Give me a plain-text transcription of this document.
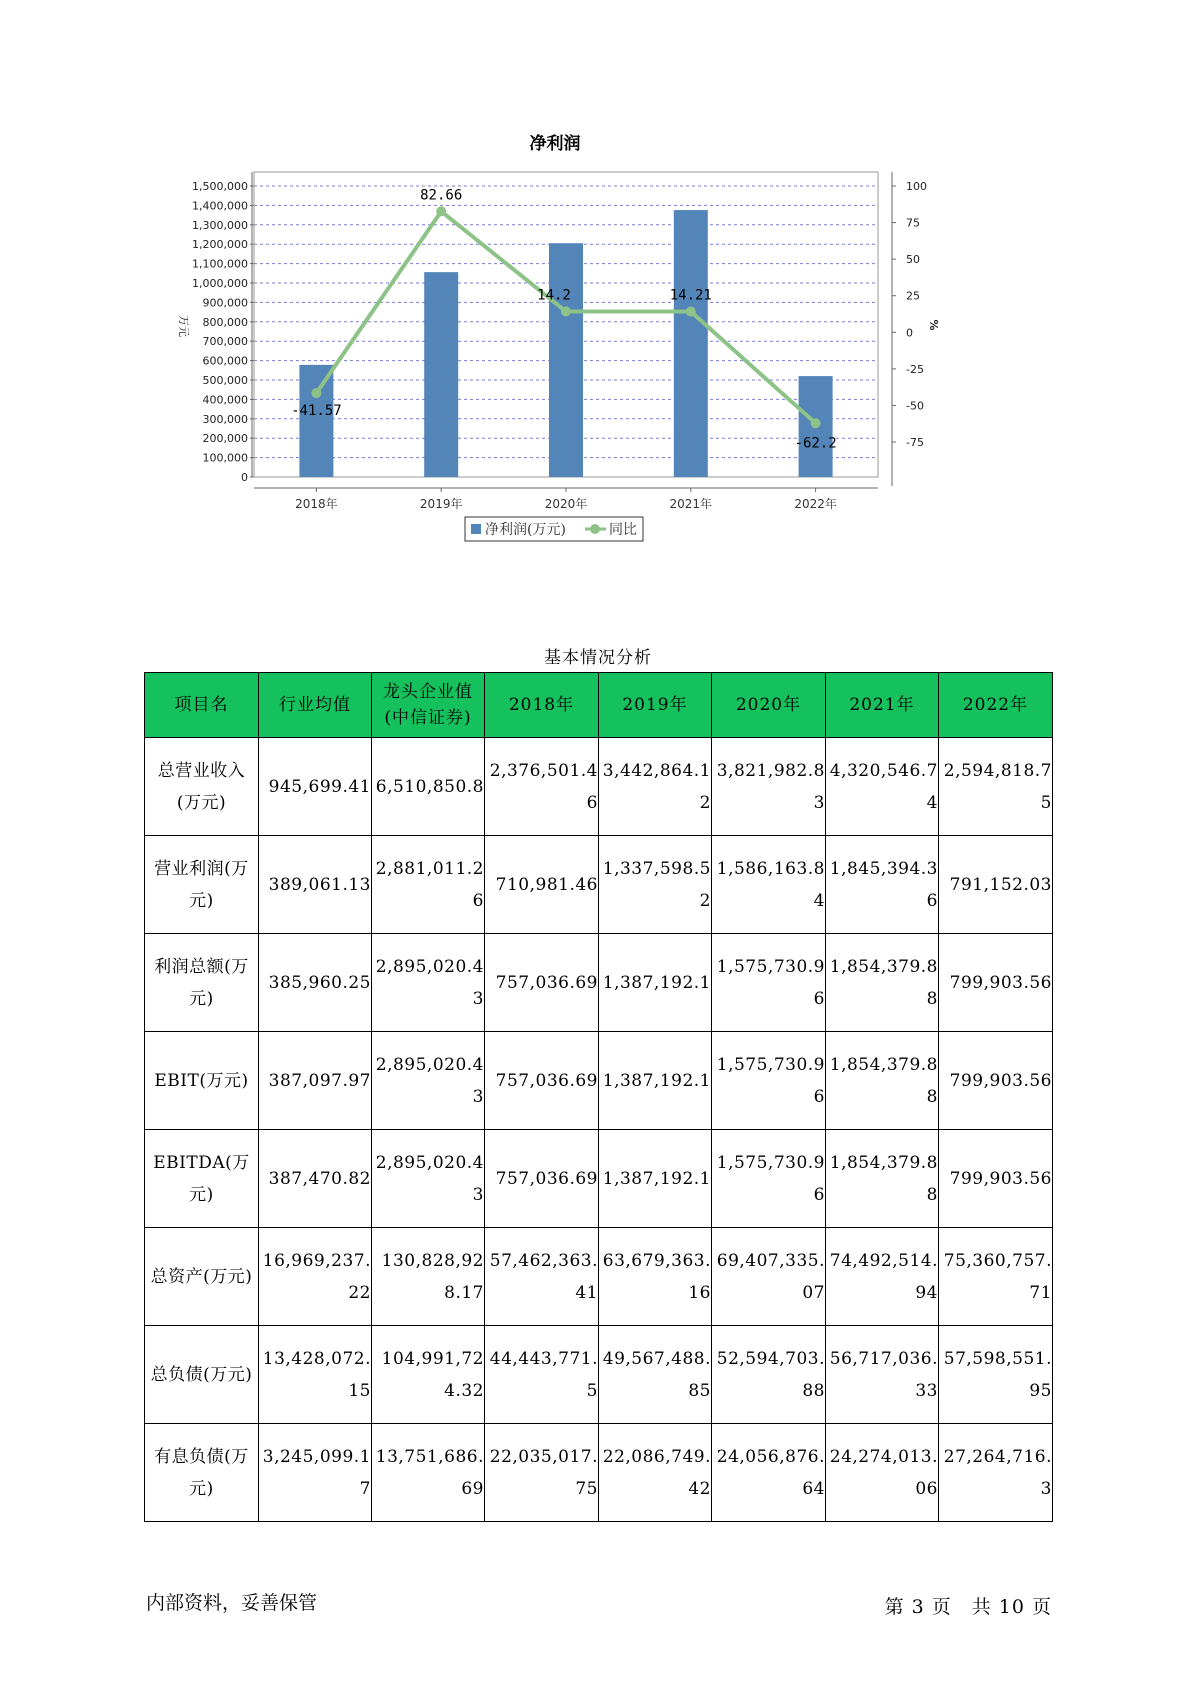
净利润
0
100,000
200,000
300,000
400,000
500,000
600,000
700,000
800,000
900,000
1,000,000
1,100,000
1,200,000
1,300,000
1,400,000
1,500,000
-75
-50
-25
0
25
50
75
100
万元	%
2018年	2019年	2020年	2021年	2022年
-41.57
82.66
14.2	14.21
-62.2
净利润(万元)	同比
基本情况分析
项目名	行业均值	龙头企业值(中信证券)	2018年	2019年	2020年	2021年	2022年
总营业收入(万元)	945,699.41	6,510,850.8	2,376,501.46	3,442,864.12	3,821,982.83	4,320,546.74	2,594,818.75
营业利润(万元)	389,061.13	2,881,011.26	710,981.46	1,337,598.52	1,586,163.84	1,845,394.36	791,152.03
利润总额(万元)	385,960.25	2,895,020.43	757,036.69	1,387,192.1	1,575,730.96	1,854,379.88	799,903.56
EBIT(万元)	387,097.97	2,895,020.43	757,036.69	1,387,192.1	1,575,730.96	1,854,379.88	799,903.56
EBITDA(万元)	387,470.82	2,895,020.43	757,036.69	1,387,192.1	1,575,730.96	1,854,379.88	799,903.56
总资产(万元)	16,969,237.22	130,828,928.17	57,462,363.41	63,679,363.16	69,407,335.07	74,492,514.94	75,360,757.71
总负债(万元)	13,428,072.15	104,991,724.32	44,443,771.5	49,567,488.85	52,594,703.88	56,717,036.33	57,598,551.95
有息负债(万元)	3,245,099.17	13,751,686.69	22,035,017.75	22,086,749.42	24,056,876.64	24,274,013.06	27,264,716.3
内部资料，妥善保管	第 3 页　共 10 页
